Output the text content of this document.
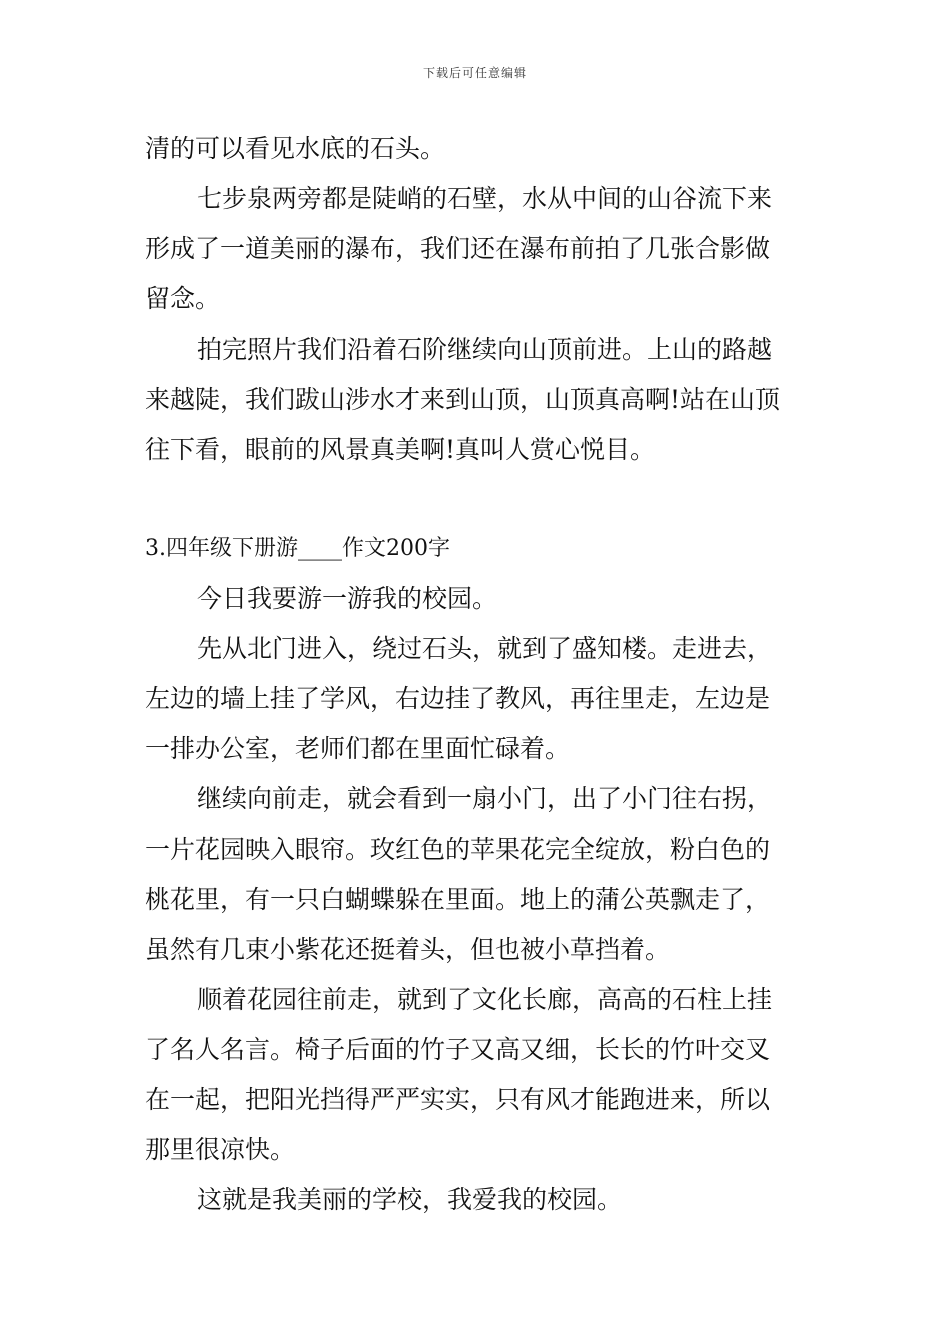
下载后可任意编辑
清的可以看见水底的石头。
七步泉两旁都是陡峭的石壁，水从中间的山谷流下来
形成了一道美丽的瀑布，我们还在瀑布前拍了几张合影做
留念。
拍完照片我们沿着石阶继续向山顶前进。上山的路越
来越陡，我们跋山涉水才来到山顶，山顶真高啊!站在山顶
往下看，眼前的风景真美啊!真叫人赏心悦目。
3.四年级下册游____作文200字
今日我要游一游我的校园。
先从北门进入，绕过石头，就到了盛知楼。走进去，
左边的墙上挂了学风，右边挂了教风，再往里走，左边是
一排办公室，老师们都在里面忙碌着。
继续向前走，就会看到一扇小门，出了小门往右拐，
一片花园映入眼帘。玫红色的苹果花完全绽放，粉白色的
桃花里，有一只白蝴蝶躲在里面。地上的蒲公英飘走了，
虽然有几束小紫花还挺着头，但也被小草挡着。
顺着花园往前走，就到了文化长廊，高高的石柱上挂
了名人名言。椅子后面的竹子又高又细，长长的竹叶交叉
在一起，把阳光挡得严严实实，只有风才能跑进来，所以
那里很凉快。
这就是我美丽的学校，我爱我的校园。
